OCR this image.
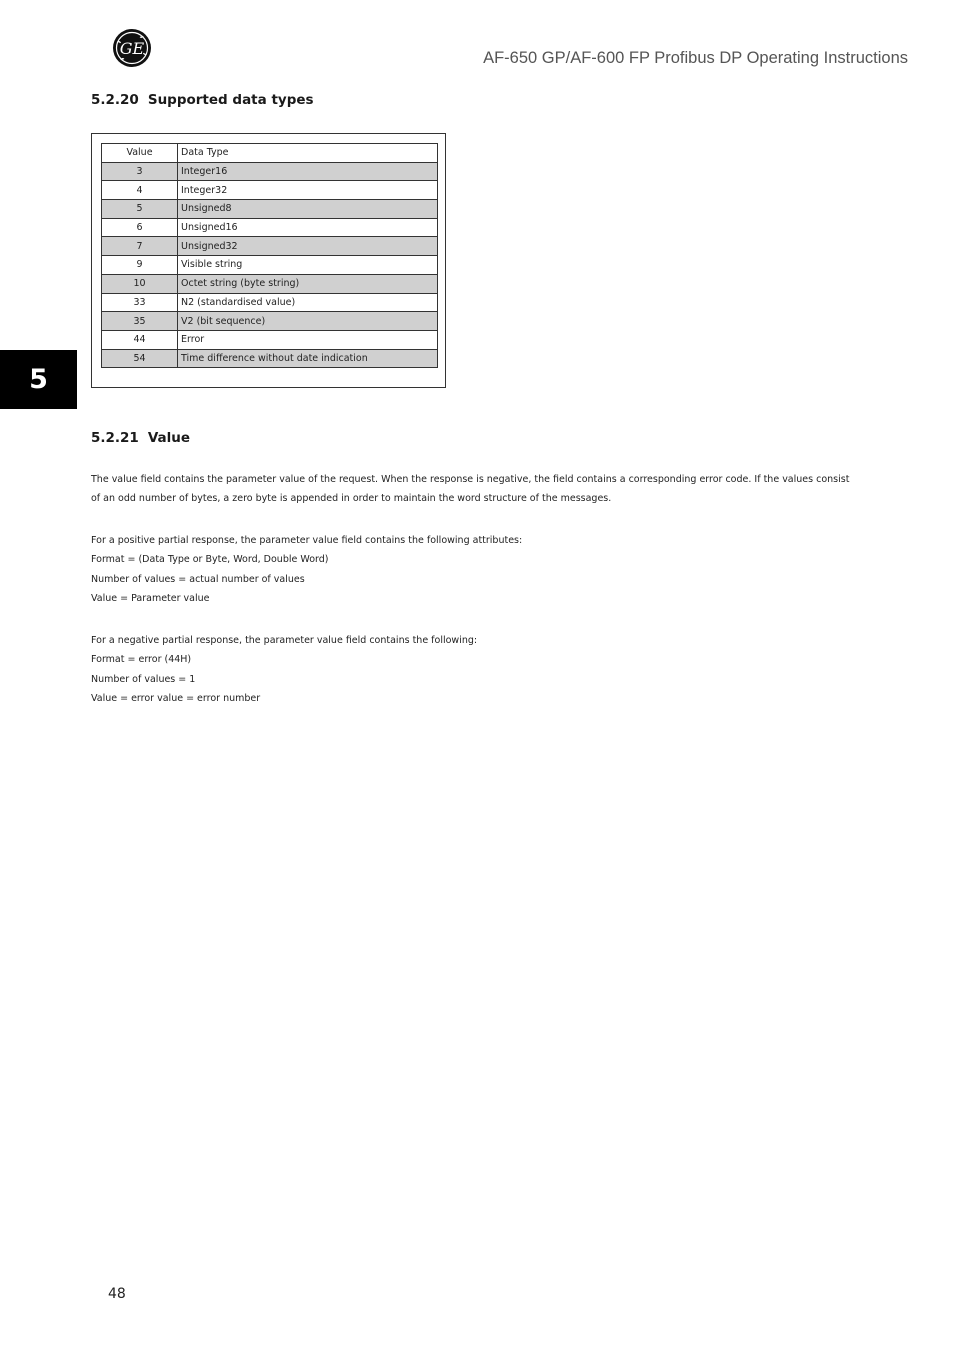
GE	AF-650 GP/AF-600 FP Profibus DP Operating Instructions
5.2.20 Supported data types
Value	Data Type
3	Integer16
4	Integer32
5	Unsigned8
6	Unsigned16
7	Unsigned32
9	Visible string
10	Octet string (byte string)
33	N2 (standardised value)
35	V2 (bit sequence)
44	Error
54	Time difference without date indication
5
5.2.21 Value

The value field contains the parameter value of the request. When the response is negative, the field contains a corresponding error code. If the values consist

of an odd number of bytes, a zero byte is appended in order to maintain the word structure of the messages.

For a positive partial response, the parameter value field contains the following attributes:

Format = (Data Type or Byte, Word, Double Word)

Number of values = actual number of values

Value = Parameter value

For a negative partial response, the parameter value field contains the following:

Format = error (44H)

Number of values = 1

Value = error value = error number

48
